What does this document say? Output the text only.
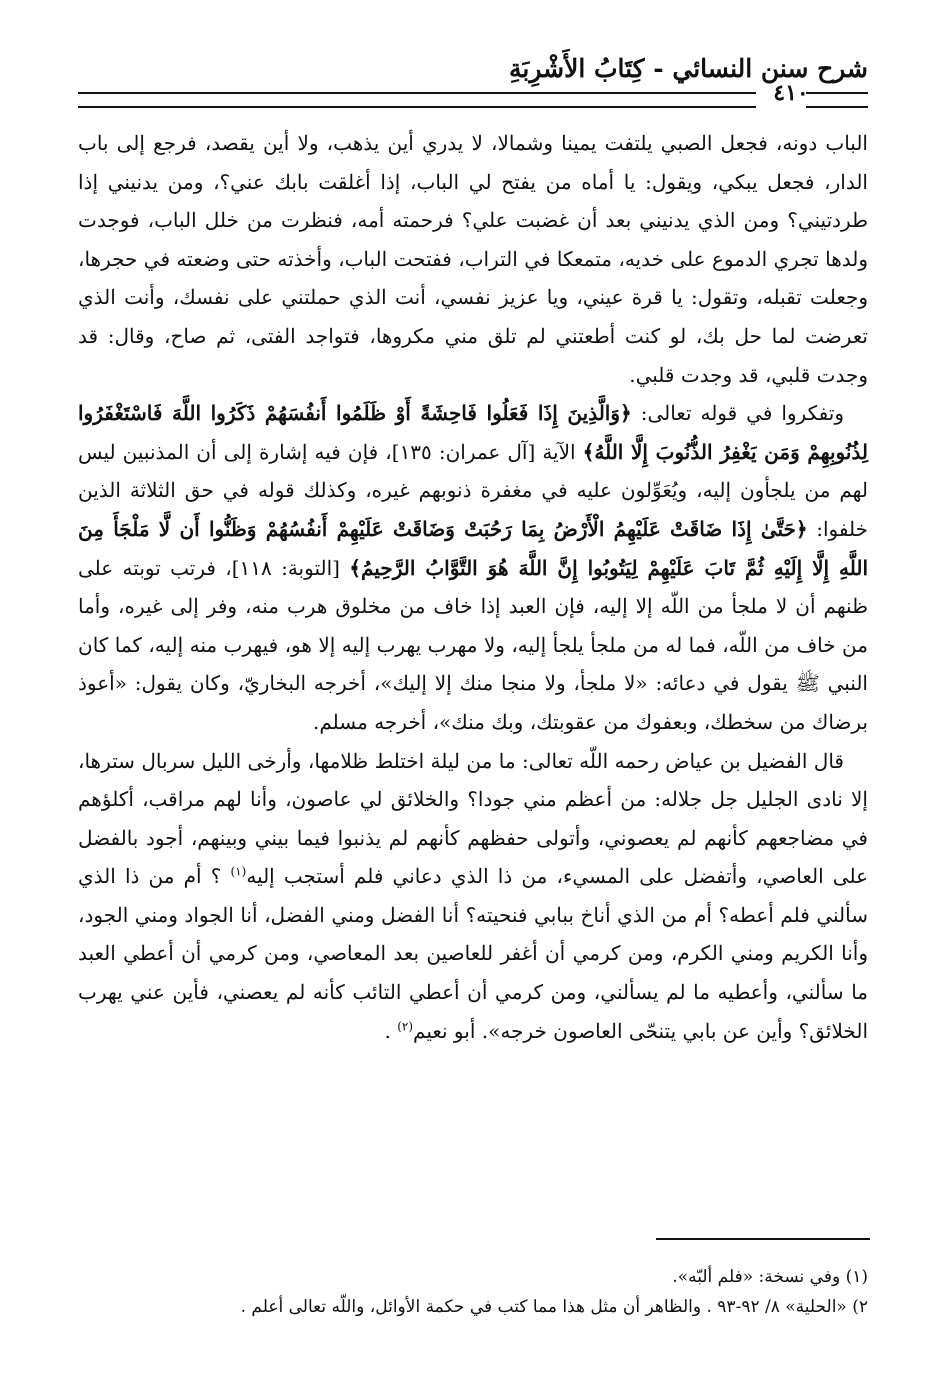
شرح سنن النسائي - كِتَابُ الأَشْرِبَةِ
٤١٠

الباب دونه، فجعل الصبي يلتفت يمينا وشمالا، لا يدري أين يذهب، ولا أين يقصد، فرجع إلى باب الدار، فجعل يبكي، ويقول: يا أماه من يفتح لي الباب، إذا أغلقت بابك عني؟، ومن يدنيني إذا طردتيني؟ ومن الذي يدنيني بعد أن غضبت علي؟ فرحمته أمه، فنظرت من خلل الباب، فوجدت ولدها تجري الدموع على خديه، متمعكا في التراب، ففتحت الباب، وأخذته حتى وضعته في حجرها، وجعلت تقبله، وتقول: يا قرة عيني، ويا عزيز نفسي، أنت الذي حملتني على نفسك، وأنت الذي تعرضت لما حل بك، لو كنت أطعتني لم تلق مني مكروها، فتواجد الفتى، ثم صاح، وقال: قد وجدت قلبي، قد وجدت قلبي.

وتفكروا في قوله تعالى: ﴿وَالَّذِينَ إِذَا فَعَلُوا فَاحِشَةً أَوْ ظَلَمُوا أَنفُسَهُمْ ذَكَرُوا اللَّهَ فَاسْتَغْفَرُوا لِذُنُوبِهِمْ وَمَن يَغْفِرُ الذُّنُوبَ إِلَّا اللَّهُ﴾ الآية [آل عمران: ١٣٥]، فإن فيه إشارة إلى أن المذنبين ليس لهم من يلجأون إليه، ويُعَوِّلون عليه في مغفرة ذنوبهم غيره، وكذلك قوله في حق الثلاثة الذين خلفوا: ﴿حَتَّىٰ إِذَا ضَاقَتْ عَلَيْهِمُ الْأَرْضُ بِمَا رَحُبَتْ وَضَاقَتْ عَلَيْهِمْ أَنفُسُهُمْ وَظَنُّوا أَن لَّا مَلْجَأَ مِنَ اللَّهِ إِلَّا إِلَيْهِ ثُمَّ تَابَ عَلَيْهِمْ لِيَتُوبُوا إِنَّ اللَّهَ هُوَ التَّوَّابُ الرَّحِيمُ﴾ [التوبة: ١١٨]، فرتب توبته على ظنهم أن لا ملجأ من اللّه إلا إليه، فإن العبد إذا خاف من مخلوق هرب منه، وفر إلى غيره، وأما من خاف من اللّه، فما له من ملجأ يلجأ إليه، ولا مهرب يهرب إليه إلا هو، فيهرب منه إليه، كما كان النبي ﷺ يقول في دعائه: «لا ملجأ، ولا منجا منك إلا إليك»، أخرجه البخاريّ، وكان يقول: «أعوذ برضاك من سخطك، وبعفوك من عقوبتك، وبك منك»، أخرجه مسلم.

قال الفضيل بن عياض رحمه اللّه تعالى: ما من ليلة اختلط ظلامها، وأرخى الليل سربال سترها، إلا نادى الجليل جل جلاله: من أعظم مني جودا؟ والخلائق لي عاصون، وأنا لهم مراقب، أكلؤهم في مضاجعهم كأنهم لم يعصوني، وأتولى حفظهم كأنهم لم يذنبوا فيما بيني وبينهم، أجود بالفضل على العاصي، وأتفضل على المسيء، من ذا الذي دعاني فلم أستجب إليه$^{(١)}$ ؟ أم من ذا الذي سألني فلم أعطه؟ أم من الذي أناخ ببابي فنحيته؟ أنا الفضل ومني الفضل، أنا الجواد ومني الجود، وأنا الكريم ومني الكرم، ومن كرمي أن أغفر للعاصين بعد المعاصي، ومن كرمي أن أعطي العبد ما سألني، وأعطيه ما لم يسألني، ومن كرمي أن أعطي التائب كأنه لم يعصني، فأين عني يهرب الخلائق؟ وأين عن بابي يتنحّى العاصون خرجه». أبو نعيم$^{(٢)}$ .

(١) وفي نسخة: «فلم ألبّه».

٢) «الحلية» ٨/ ٩٢-٩٣ . والظاهر أن مثل هذا مما كتب في حكمة الأوائل، واللّه تعالى أعلم .
